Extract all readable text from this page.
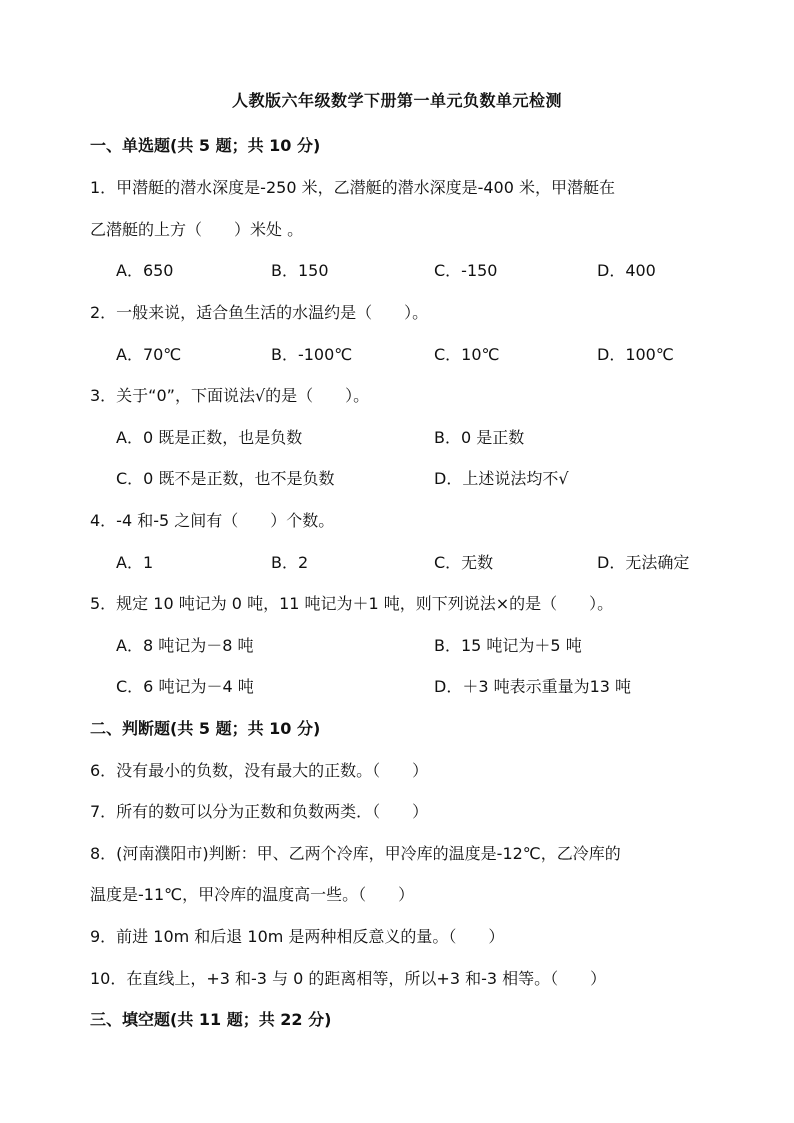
人教版六年级数学下册第一单元负数单元检测
一、单选题(共 5 题；共 10 分)
1．甲潜艇的潜水深度是-250 米，乙潜艇的潜水深度是-400 米，甲潜艇在
乙潜艇的上方（　　）米处 。
A．650	B．150	C．-150	D．400
2．一般来说，适合鱼生活的水温约是（　　）。
A．70℃	B．-100℃	C．10℃	D．100℃
3．关于“0”，下面说法√的是（　　）。
A．0 既是正数，也是负数	B．0 是正数
C．0 既不是正数，也不是负数	D．上述说法均不√
4．-4 和-5 之间有（　　）个数。
A．1	B．2	C．无数	D．无法确定
5．规定 10 吨记为 0 吨，11 吨记为＋1 吨，则下列说法×的是（　　）。
A．8 吨记为－8 吨	B．15 吨记为＋5 吨
C．6 吨记为－4 吨	D．＋3 吨表示重量为13 吨
二、判断题(共 5 题；共 10 分)
6．没有最小的负数，没有最大的正数。（　　）
7．所有的数可以分为正数和负数两类．（　　）
8．(河南濮阳市)判断：甲、乙两个冷库，甲冷库的温度是-12℃，乙冷库的
温度是-11℃，甲冷库的温度高一些。（　　）
9．前进 10m 和后退 10m 是两种相反意义的量。（　　）
10．在直线上，+3 和-3 与 0 的距离相等，所以+3 和-3 相等。（　　）
三、填空题(共 11 题；共 22 分)
